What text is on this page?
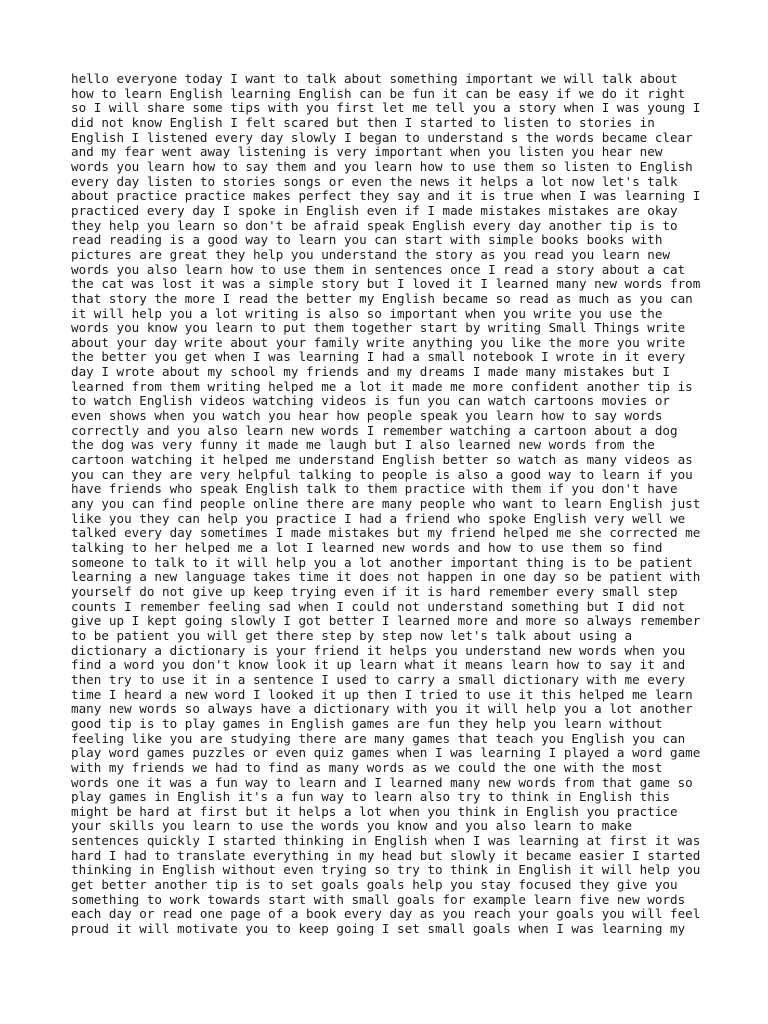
hello everyone today I want to talk about something important we will talk about
how to learn English learning English can be fun it can be easy if we do it right
so I will share some tips with you first let me tell you a story when I was young I
did not know English I felt scared but then I started to listen to stories in
English I listened every day slowly I began to understand s the words became clear
and my fear went away listening is very important when you listen you hear new
words you learn how to say them and you learn how to use them so listen to English
every day listen to stories songs or even the news it helps a lot now let's talk
about practice practice makes perfect they say and it is true when I was learning I
practiced every day I spoke in English even if I made mistakes mistakes are okay
they help you learn so don't be afraid speak English every day another tip is to
read reading is a good way to learn you can start with simple books books with
pictures are great they help you understand the story as you read you learn new
words you also learn how to use them in sentences once I read a story about a cat
the cat was lost it was a simple story but I loved it I learned many new words from
that story the more I read the better my English became so read as much as you can
it will help you a lot writing is also so important when you write you use the
words you know you learn to put them together start by writing Small Things write
about your day write about your family write anything you like the more you write
the better you get when I was learning I had a small notebook I wrote in it every
day I wrote about my school my friends and my dreams I made many mistakes but I
learned from them writing helped me a lot it made me more confident another tip is
to watch English videos watching videos is fun you can watch cartoons movies or
even shows when you watch you hear how people speak you learn how to say words
correctly and you also learn new words I remember watching a cartoon about a dog
the dog was very funny it made me laugh but I also learned new words from the
cartoon watching it helped me understand English better so watch as many videos as
you can they are very helpful talking to people is also a good way to learn if you
have friends who speak English talk to them practice with them if you don't have
any you can find people online there are many people who want to learn English just
like you they can help you practice I had a friend who spoke English very well we
talked every day sometimes I made mistakes but my friend helped me she corrected me
talking to her helped me a lot I learned new words and how to use them so find
someone to talk to it will help you a lot another important thing is to be patient
learning a new language takes time it does not happen in one day so be patient with
yourself do not give up keep trying even if it is hard remember every small step
counts I remember feeling sad when I could not understand something but I did not
give up I kept going slowly I got better I learned more and more so always remember
to be patient you will get there step by step now let's talk about using a
dictionary a dictionary is your friend it helps you understand new words when you
find a word you don't know look it up learn what it means learn how to say it and
then try to use it in a sentence I used to carry a small dictionary with me every
time I heard a new word I looked it up then I tried to use it this helped me learn
many new words so always have a dictionary with you it will help you a lot another
good tip is to play games in English games are fun they help you learn without
feeling like you are studying there are many games that teach you English you can
play word games puzzles or even quiz games when I was learning I played a word game
with my friends we had to find as many words as we could the one with the most
words one it was a fun way to learn and I learned many new words from that game so
play games in English it's a fun way to learn also try to think in English this
might be hard at first but it helps a lot when you think in English you practice
your skills you learn to use the words you know and you also learn to make
sentences quickly I started thinking in English when I was learning at first it was
hard I had to translate everything in my head but slowly it became easier I started
thinking in English without even trying so try to think in English it will help you
get better another tip is to set goals goals help you stay focused they give you
something to work towards start with small goals for example learn five new words
each day or read one page of a book every day as you reach your goals you will feel
proud it will motivate you to keep going I set small goals when I was learning my
